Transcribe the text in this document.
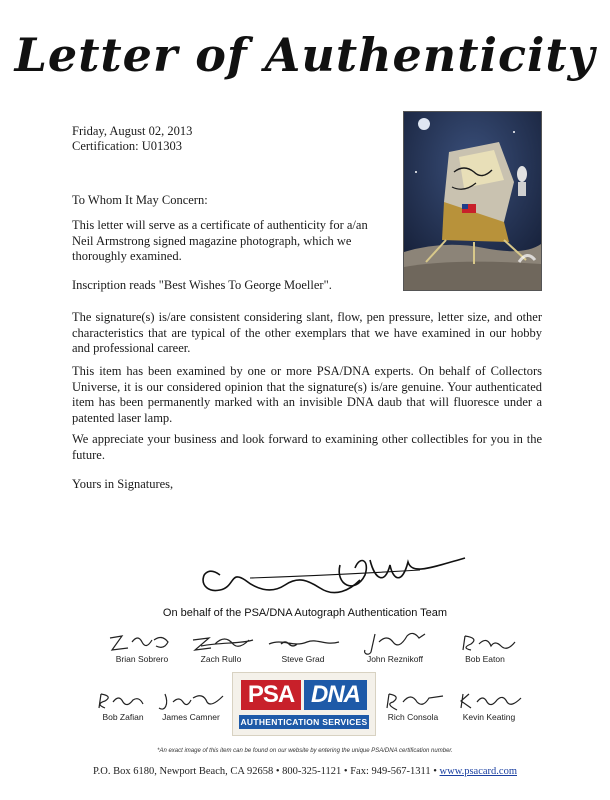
Letter of Authenticity
Friday, August 02, 2013
Certification: U01303
To Whom It May Concern:

This letter will serve as a certificate of authenticity for a/an Neil Armstrong signed magazine photograph, which we thoroughly examined.

Inscription reads "Best Wishes To George Moeller".

The signature(s) is/are consistent considering slant, flow, pen pressure, letter size, and other characteristics that are typical of the other exemplars that we have examined in our hobby and professional career.

This item has been examined by one or more PSA/DNA experts. On behalf of Collectors Universe, it is our considered opinion that the signature(s) is/are genuine. Your authenticated item has been permanently marked with an invisible DNA daub that will fluoresce under a patented laser lamp.

We appreciate your business and look forward to examining other collectibles for you in the future.

Yours in Signatures,
On behalf of the PSA/DNA Autograph Authentication Team
Brian Sobrero	Zach Rullo	Steve Grad	John Reznikoff	Bob Eaton
Bob Zafian	James Camner	Rich Consola	Kevin Keating
PSA DNA
AUTHENTICATION SERVICES
*An exact image of this item can be found on our website by entering the unique PSA/DNA certification number.
P.O. Box 6180, Newport Beach, CA 92658 • 800-325-1121 • Fax: 949-567-1311 • www.psacard.com
